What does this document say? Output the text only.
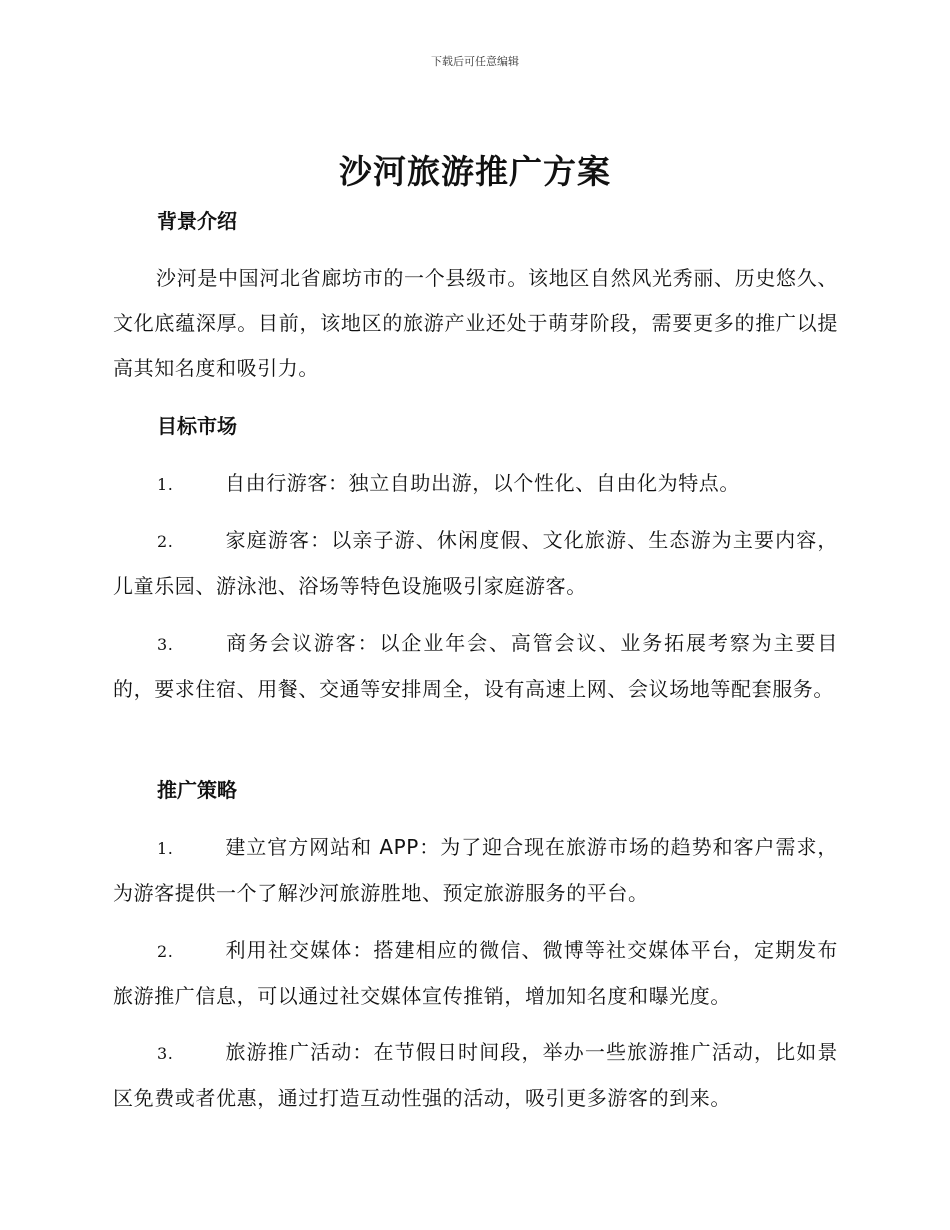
下载后可任意编辑
沙河旅游推广方案
背景介绍

沙河是中国河北省廊坊市的一个县级市。该地区自然风光秀丽、历史悠久、文化底蕴深厚。目前，该地区的旅游产业还处于萌芽阶段，需要更多的推广以提高其知名度和吸引力。

目标市场

1.	自由行游客：独立自助出游，以个性化、自由化为特点。

2.	家庭游客：以亲子游、休闲度假、文化旅游、生态游为主要内容，儿童乐园、游泳池、浴场等特色设施吸引家庭游客。

3.	商务会议游客：以企业年会、高管会议、业务拓展考察为主要目的，要求住宿、用餐、交通等安排周全，设有高速上网、会议场地等配套服务。

推广策略

1.	建立官方网站和 APP：为了迎合现在旅游市场的趋势和客户需求，为游客提供一个了解沙河旅游胜地、预定旅游服务的平台。

2.	利用社交媒体：搭建相应的微信、微博等社交媒体平台，定期发布旅游推广信息，可以通过社交媒体宣传推销，增加知名度和曝光度。

3.	旅游推广活动：在节假日时间段，举办一些旅游推广活动，比如景区免费或者优惠，通过打造互动性强的活动，吸引更多游客的到来。
